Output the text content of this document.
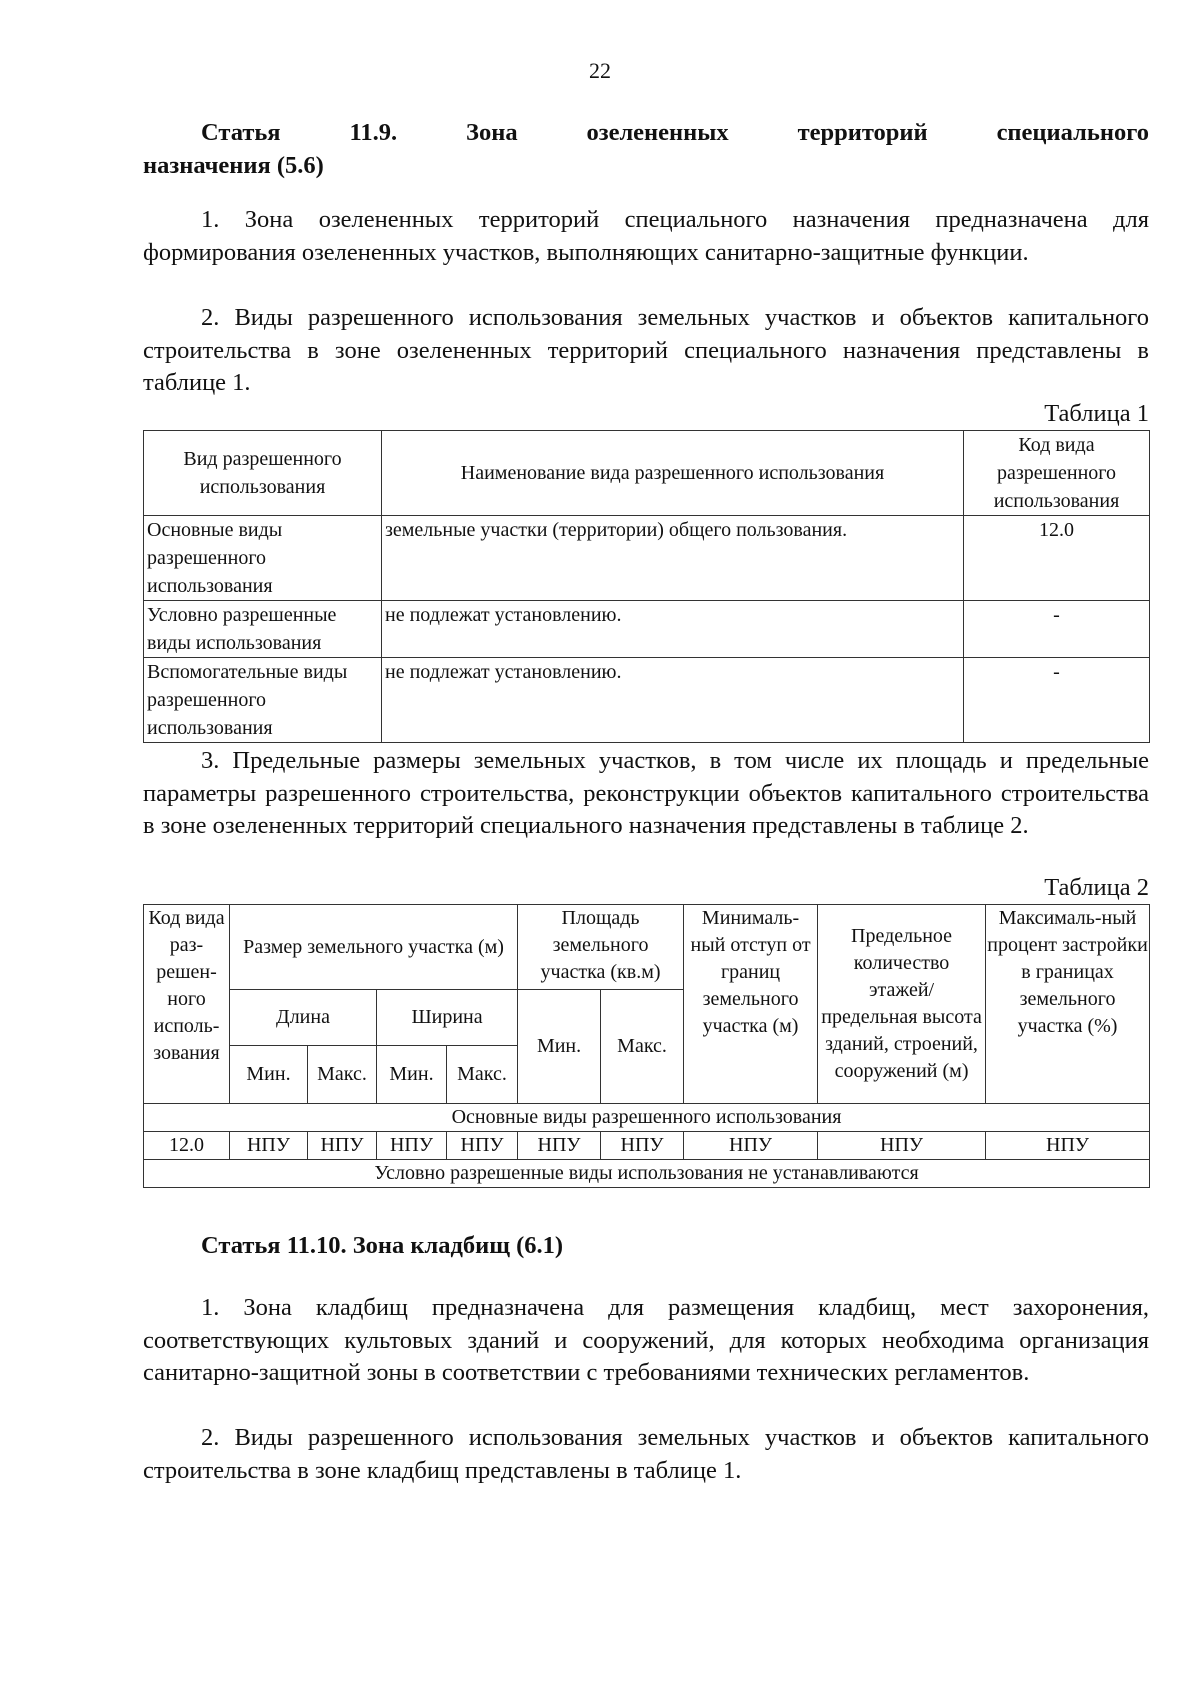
22
Статья	11.9.	Зона	озелененных	территорий	специального
назначения (5.6)
1. Зона озелененных территорий специального назначения предназначена для формирования озелененных участков, выполняющих санитарно-защитные функции.
2. Виды разрешенного использования земельных участков и объектов капитального строительства в зоне озелененных территорий специального назначения представлены в таблице 1.
Таблица 1
Вид разрешенного использования	Наименование вида разрешенного использования	Код вида разрешенного использования
Основные виды разрешенного использования	земельные участки (территории) общего пользования.	12.0
Условно разрешенные виды использования	не подлежат установлению.	-
Вспомогательные виды разрешенного использования	не подлежат установлению.	-
3. Предельные размеры земельных участков, в том числе их площадь и предельные параметры разрешенного строительства, реконструкции объектов капитального строительства в зоне озелененных территорий специального назначения представлены в таблице 2.
Таблица 2
Код вида раз-решен-ного исполь-зования	Размер земельного участка (м)				Площадь земельного участка (кв.м)		Минималь-ный отступ от границ земельного участка (м)	Предельное количество этажей/ предельная высота зданий, строений, сооружений (м)	Максималь-ный процент застройки в границах земельного участка (%)
	Длина		Ширина		Мин.	Макс.			
	Мин.	Макс.	Мин.	Макс.					
Основные виды разрешенного использования									
12.0	НПУ	НПУ	НПУ	НПУ	НПУ	НПУ	НПУ	НПУ	НПУ
Условно разрешенные виды использования не устанавливаются									
Статья 11.10. Зона кладбищ (6.1)
1. Зона кладбищ предназначена для размещения кладбищ, мест захоронения, соответствующих культовых зданий и сооружений, для которых необходима организация санитарно-защитной зоны в соответствии с требованиями технических регламентов.
2. Виды разрешенного использования земельных участков и объектов капитального строительства в зоне кладбищ представлены в таблице 1.
